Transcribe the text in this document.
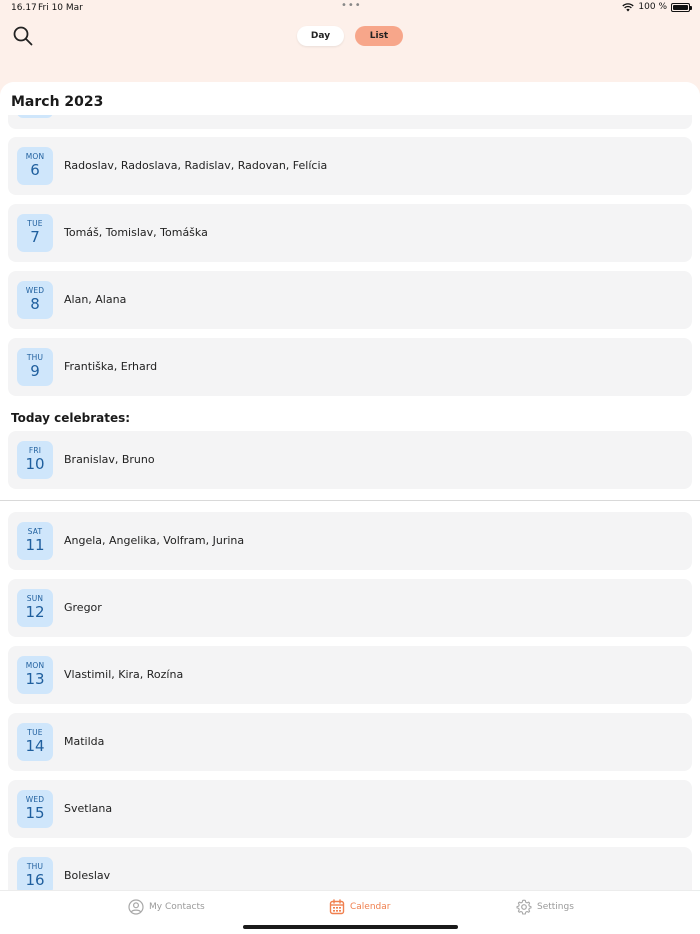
16.17 Fri 10 Mar	•••	100 %
Day	List
March 2023
MON
6	Radoslav, Radoslava, Radislav, Radovan, Felícia
TUE
7	Tomáš, Tomislav, Tomáška
WED
8	Alan, Alana
THU
9	Františka, Erhard
Today celebrates:
FRI
10	Branislav, Bruno
SAT
11	Angela, Angelika, Volfram, Jurina
SUN
12	Gregor
MON
13	Vlastimil, Kira, Rozína
TUE
14	Matilda
WED
15	Svetlana
THU
16	Boleslav
My Contacts	Calendar	Settings
